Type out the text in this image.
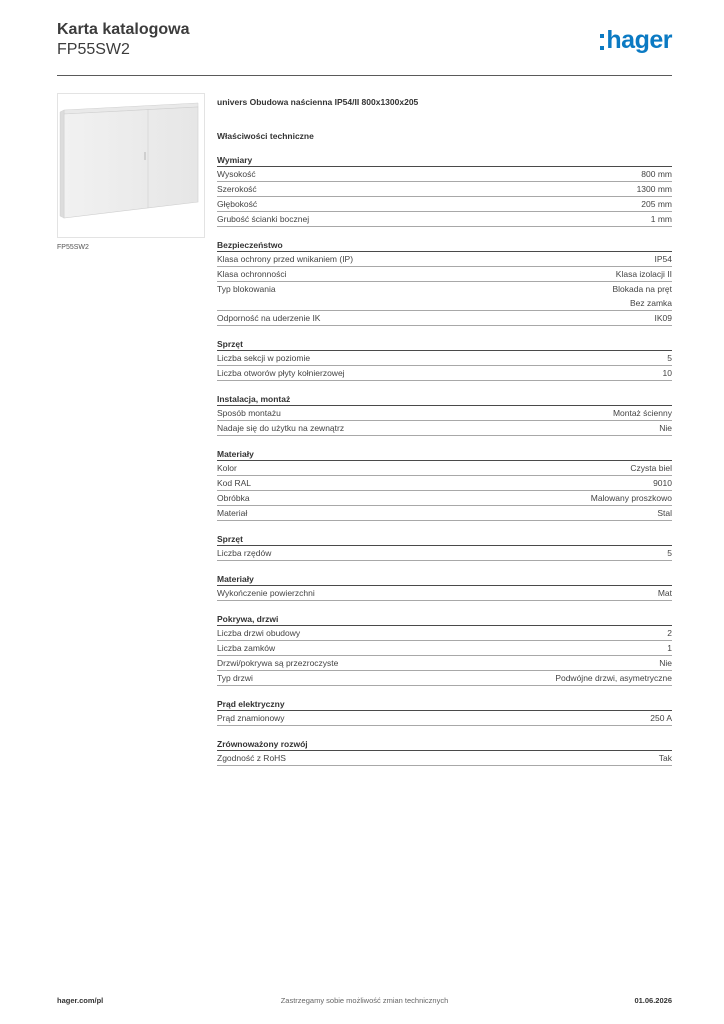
Karta katalogowa
FP55SW2	hager
FP55SW2
univers Obudowa naścienna IP54/II 800x1300x205
Właściwości techniczne
Wymiary
Wysokość	800 mm
Szerokość	1300 mm
Głębokość	205 mm
Grubość ścianki bocznej	1 mm
Bezpieczeństwo
Klasa ochrony przed wnikaniem (IP)	IP54
Klasa ochronności	Klasa izolacji II
Typ blokowania	Blokada na pręt
Bez zamka
Odporność na uderzenie IK	IK09
Sprzęt
Liczba sekcji w poziomie	5
Liczba otworów płyty kołnierzowej	10
Instalacja, montaż
Sposób montażu	Montaż ścienny
Nadaje się do użytku na zewnątrz	Nie
Materiały
Kolor	Czysta biel
Kod RAL	9010
Obróbka	Malowany proszkowo
Materiał	Stal
Sprzęt
Liczba rzędów	5
Materiały
Wykończenie powierzchni	Mat
Pokrywa, drzwi
Liczba drzwi obudowy	2
Liczba zamków	1
Drzwi/pokrywa są przezroczyste	Nie
Typ drzwi	Podwójne drzwi, asymetryczne
Prąd elektryczny
Prąd znamionowy	250 A
Zrównoważony rozwój
Zgodność z RoHS	Tak
hager.com/pl	Zastrzegamy sobie możliwość zmian technicznych	01.06.2026
